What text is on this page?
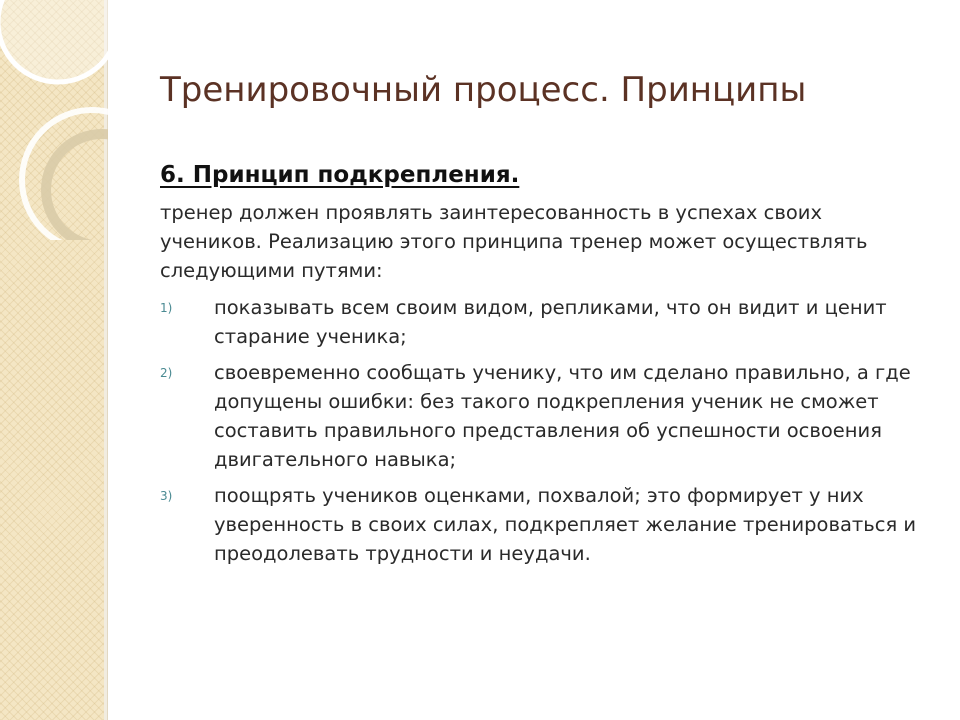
Тренировочный процесс. Принципы

6. Принцип подкрепления.

тренер должен проявлять заинтересованность в успехах своих учеников. Реализацию этого принципа тренер может осуществлять следующими путями:

1)	показывать всем своим видом, репликами, что он видит и ценит старание ученика;
2)	своевременно сообщать ученику, что им сделано правильно, а где допущены ошибки: без такого подкрепления ученик не сможет составить правильного представления об успешности освоения двигательного навыка;
3)	поощрять учеников оценками, похвалой; это формирует у них уверенность в своих силах, подкрепляет желание тренироваться и преодолевать трудности и неудачи.
